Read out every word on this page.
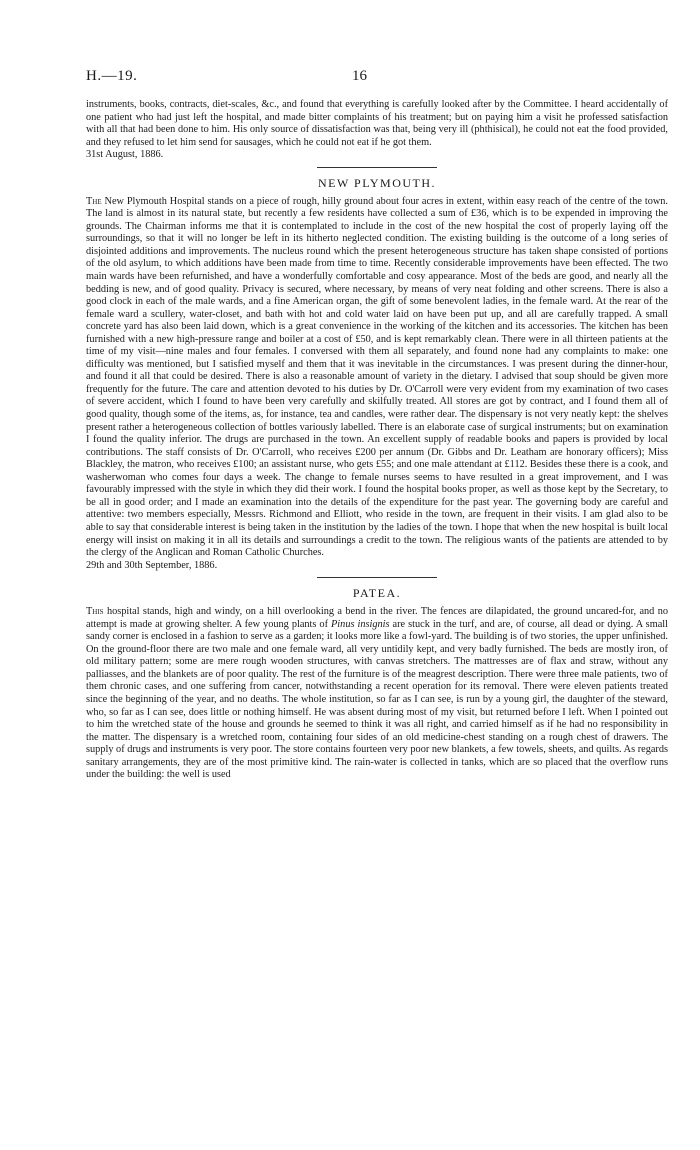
H.—19.	16

instruments, books, contracts, diet-scales, &c., and found that everything is carefully looked after by the Committee. I heard accidentally of one patient who had just left the hospital, and made bitter complaints of his treatment; but on paying him a visit he professed satisfaction with all that had been done to him. His only source of dissatisfaction was that, being very ill (phthisical), he could not eat the food provided, and they refused to let him send for sausages, which he could not eat if he got them.

31st August, 1886.

NEW PLYMOUTH.

The New Plymouth Hospital stands on a piece of rough, hilly ground about four acres in extent, within easy reach of the centre of the town. The land is almost in its natural state, but recently a few residents have collected a sum of £36, which is to be expended in improving the grounds. The Chairman informs me that it is contemplated to include in the cost of the new hospital the cost of properly laying off the surroundings, so that it will no longer be left in its hitherto neglected condition. The existing building is the outcome of a long series of disjointed additions and improvements. The nucleus round which the present heterogeneous structure has taken shape consisted of portions of the old asylum, to which additions have been made from time to time. Recently considerable improvements have been effected. The two main wards have been refurnished, and have a wonderfully comfortable and cosy appearance. Most of the beds are good, and nearly all the bedding is new, and of good quality. Privacy is secured, where necessary, by means of very neat folding and other screens. There is also a good clock in each of the male wards, and a fine American organ, the gift of some benevolent ladies, in the female ward. At the rear of the female ward a scullery, water-closet, and bath with hot and cold water laid on have been put up, and all are carefully trapped. A small concrete yard has also been laid down, which is a great convenience in the working of the kitchen and its accessories. The kitchen has been furnished with a new high-pressure range and boiler at a cost of £50, and is kept remarkably clean. There were in all thirteen patients at the time of my visit—nine males and four females. I conversed with them all separately, and found none had any complaints to make: one difficulty was mentioned, but I satisfied myself and them that it was inevitable in the circumstances. I was present during the dinner-hour, and found it all that could be desired. There is also a reasonable amount of variety in the dietary. I advised that soup should be given more frequently for the future. The care and attention devoted to his duties by Dr. O'Carroll were very evident from my examination of two cases of severe accident, which I found to have been very carefully and skilfully treated. All stores are got by contract, and I found them all of good quality, though some of the items, as, for instance, tea and candles, were rather dear. The dispensary is not very neatly kept: the shelves present rather a heterogeneous collection of bottles variously labelled. There is an elaborate case of surgical instruments; but on examination I found the quality inferior. The drugs are purchased in the town. An excellent supply of readable books and papers is provided by local contributions. The staff consists of Dr. O'Carroll, who receives £200 per annum (Dr. Gibbs and Dr. Leatham are honorary officers); Miss Blackley, the matron, who receives £100; an assistant nurse, who gets £55; and one male attendant at £112. Besides these there is a cook, and washerwoman who comes four days a week. The change to female nurses seems to have resulted in a great improvement, and I was favourably impressed with the style in which they did their work. I found the hospital books proper, as well as those kept by the Secretary, to be all in good order; and I made an examination into the details of the expenditure for the past year. The governing body are careful and attentive: two members especially, Messrs. Richmond and Elliott, who reside in the town, are frequent in their visits. I am glad also to be able to say that considerable interest is being taken in the institution by the ladies of the town. I hope that when the new hospital is built local energy will insist on making it in all its details and surroundings a credit to the town. The religious wants of the patients are attended to by the clergy of the Anglican and Roman Catholic Churches.

29th and 30th September, 1886.

PATEA.

This hospital stands, high and windy, on a hill overlooking a bend in the river. The fences are dilapidated, the ground uncared-for, and no attempt is made at growing shelter. A few young plants of Pinus insignis are stuck in the turf, and are, of course, all dead or dying. A small sandy corner is enclosed in a fashion to serve as a garden; it looks more like a fowl-yard. The building is of two stories, the upper unfinished. On the ground-floor there are two male and one female ward, all very untidily kept, and very badly furnished. The beds are mostly iron, of old military pattern; some are mere rough wooden structures, with canvas stretchers. The mattresses are of flax and straw, without any palliasses, and the blankets are of poor quality. The rest of the furniture is of the meagrest description. There were three male patients, two of them chronic cases, and one suffering from cancer, notwithstanding a recent operation for its removal. There were eleven patients treated since the beginning of the year, and no deaths. The whole institution, so far as I can see, is run by a young girl, the daughter of the steward, who, so far as I can see, does little or nothing himself. He was absent during most of my visit, but returned before I left. When I pointed out to him the wretched state of the house and grounds he seemed to think it was all right, and carried himself as if he had no responsibility in the matter. The dispensary is a wretched room, containing four sides of an old medicine-chest standing on a rough chest of drawers. The supply of drugs and instruments is very poor. The store contains fourteen very poor new blankets, a few towels, sheets, and quilts. As regards sanitary arrangements, they are of the most primitive kind. The rain-water is collected in tanks, which are so placed that the overflow runs under the building: the well is used
